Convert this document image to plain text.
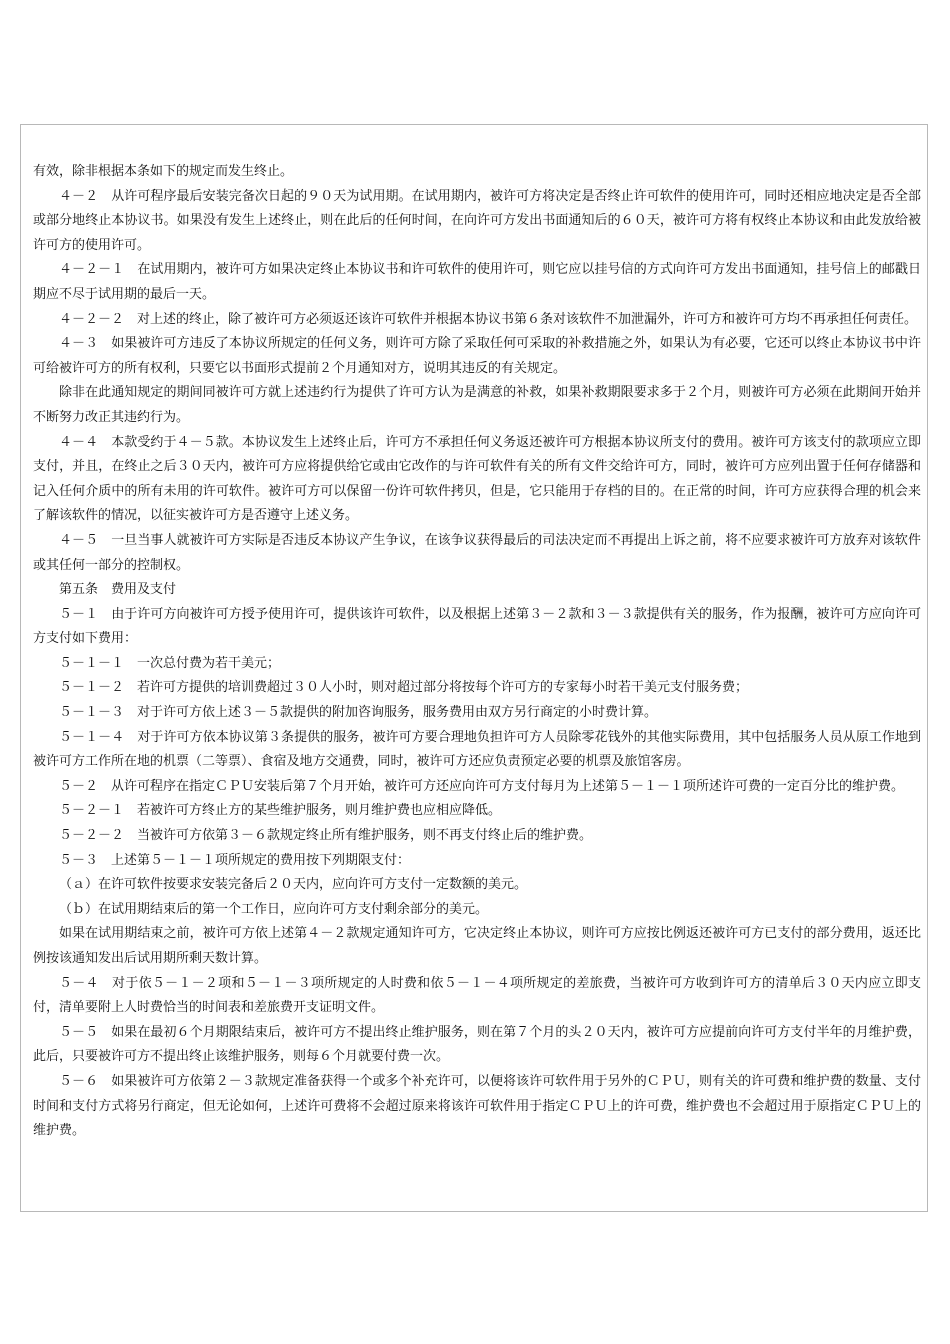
有效，除非根据本条如下的规定而发生终止。

４－２　从许可程序最后安装完备次日起的９０天为试用期。在试用期内，被许可方将决定是否终止许可软件的使用许可，同时还相应地决定是否全部或部分地终止本协议书。如果没有发生上述终止，则在此后的任何时间，在向许可方发出书面通知后的６０天，被许可方将有权终止本协议和由此发放给被许可方的使用许可。

４－２－１　在试用期内，被许可方如果决定终止本协议书和许可软件的使用许可，则它应以挂号信的方式向许可方发出书面通知，挂号信上的邮戳日期应不尽于试用期的最后一天。

４－２－２　对上述的终止，除了被许可方必须返还该许可软件并根据本协议书第６条对该软件不加泄漏外，许可方和被许可方均不再承担任何责任。

４－３　如果被许可方违反了本协议所规定的任何义务，则许可方除了采取任何可采取的补救措施之外，如果认为有必要，它还可以终止本协议书中许可给被许可方的所有权利，只要它以书面形式提前２个月通知对方，说明其违反的有关规定。

除非在此通知规定的期间同被许可方就上述违约行为提供了许可方认为是满意的补救，如果补救期限要求多于２个月，则被许可方必须在此期间开始并不断努力改正其违约行为。

４－４　本款受约于４－５款。本协议发生上述终止后，许可方不承担任何义务返还被许可方根据本协议所支付的费用。被许可方该支付的款项应立即支付，并且，在终止之后３０天内，被许可方应将提供给它或由它改作的与许可软件有关的所有文件交给许可方，同时，被许可方应列出置于任何存储器和记入任何介质中的所有未用的许可软件。被许可方可以保留一份许可软件拷贝，但是，它只能用于存档的目的。在正常的时间，许可方应获得合理的机会来了解该软件的情况，以征实被许可方是否遵守上述义务。

４－５　一旦当事人就被许可方实际是否违反本协议产生争议，在该争议获得最后的司法决定而不再提出上诉之前，将不应要求被许可方放弃对该软件或其任何一部分的控制权。

第五条　费用及支付

５－１　由于许可方向被许可方授予使用许可，提供该许可软件，以及根据上述第３－２款和３－３款提供有关的服务，作为报酬，被许可方应向许可方支付如下费用：

５－１－１　一次总付费为若干美元；

５－１－２　若许可方提供的培训费超过３０人小时，则对超过部分将按每个许可方的专家每小时若干美元支付服务费；

５－１－３　对于许可方依上述３－５款提供的附加咨询服务，服务费用由双方另行商定的小时费计算。

５－１－４　对于许可方依本协议第３条提供的服务，被许可方要合理地负担许可方人员除零花钱外的其他实际费用，其中包括服务人员从原工作地到被许可方工作所在地的机票（二等票）、食宿及地方交通费，同时，被许可方还应负责预定必要的机票及旅馆客房。

５－２　从许可程序在指定ＣＰＵ安装后第７个月开始，被许可方还应向许可方支付每月为上述第５－１－１项所述许可费的一定百分比的维护费。

５－２－１　若被许可方终止方的某些维护服务，则月维护费也应相应降低。

５－２－２　当被许可方依第３－６款规定终止所有维护服务，则不再支付终止后的维护费。

５－３　上述第５－１－１项所规定的费用按下列期限支付：

（ａ）在许可软件按要求安装完备后２０天内，应向许可方支付一定数额的美元。

（ｂ）在试用期结束后的第一个工作日，应向许可方支付剩余部分的美元。

如果在试用期结束之前，被许可方依上述第４－２款规定通知许可方，它决定终止本协议，则许可方应按比例返还被许可方已支付的部分费用，返还比例按该通知发出后试用期所剩天数计算。

５－４　对于依５－１－２项和５－１－３项所规定的人时费和依５－１－４项所规定的差旅费，当被许可方收到许可方的清单后３０天内应立即支付，清单要附上人时费恰当的时间表和差旅费开支证明文件。

５－５　如果在最初６个月期限结束后，被许可方不提出终止维护服务，则在第７个月的头２０天内，被许可方应提前向许可方支付半年的月维护费，此后，只要被许可方不提出终止该维护服务，则每６个月就要付费一次。

５－６　如果被许可方依第２－３款规定准备获得一个或多个补充许可，以便将该许可软件用于另外的ＣＰＵ，则有关的许可费和维护费的数量、支付时间和支付方式将另行商定，但无论如何，上述许可费将不会超过原来将该许可软件用于指定ＣＰＵ上的许可费，维护费也不会超过用于原指定ＣＰＵ上的维护费。
